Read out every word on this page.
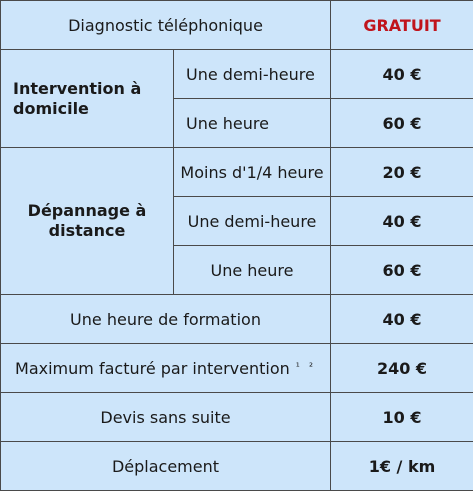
Diagnostic téléphonique		GRATUIT
Intervention à domicile	Une demi-heure	40 €
	Une heure	60 €
Dépannage à distance	Moins d'1/4 heure	20 €
	Une demi-heure	40 €
	Une heure	60 €
Une heure de formation		40 €
Maximum facturé par intervention $^{^1 ^2}$		240 €
Devis sans suite		10 €
Déplacement		1€ / km
